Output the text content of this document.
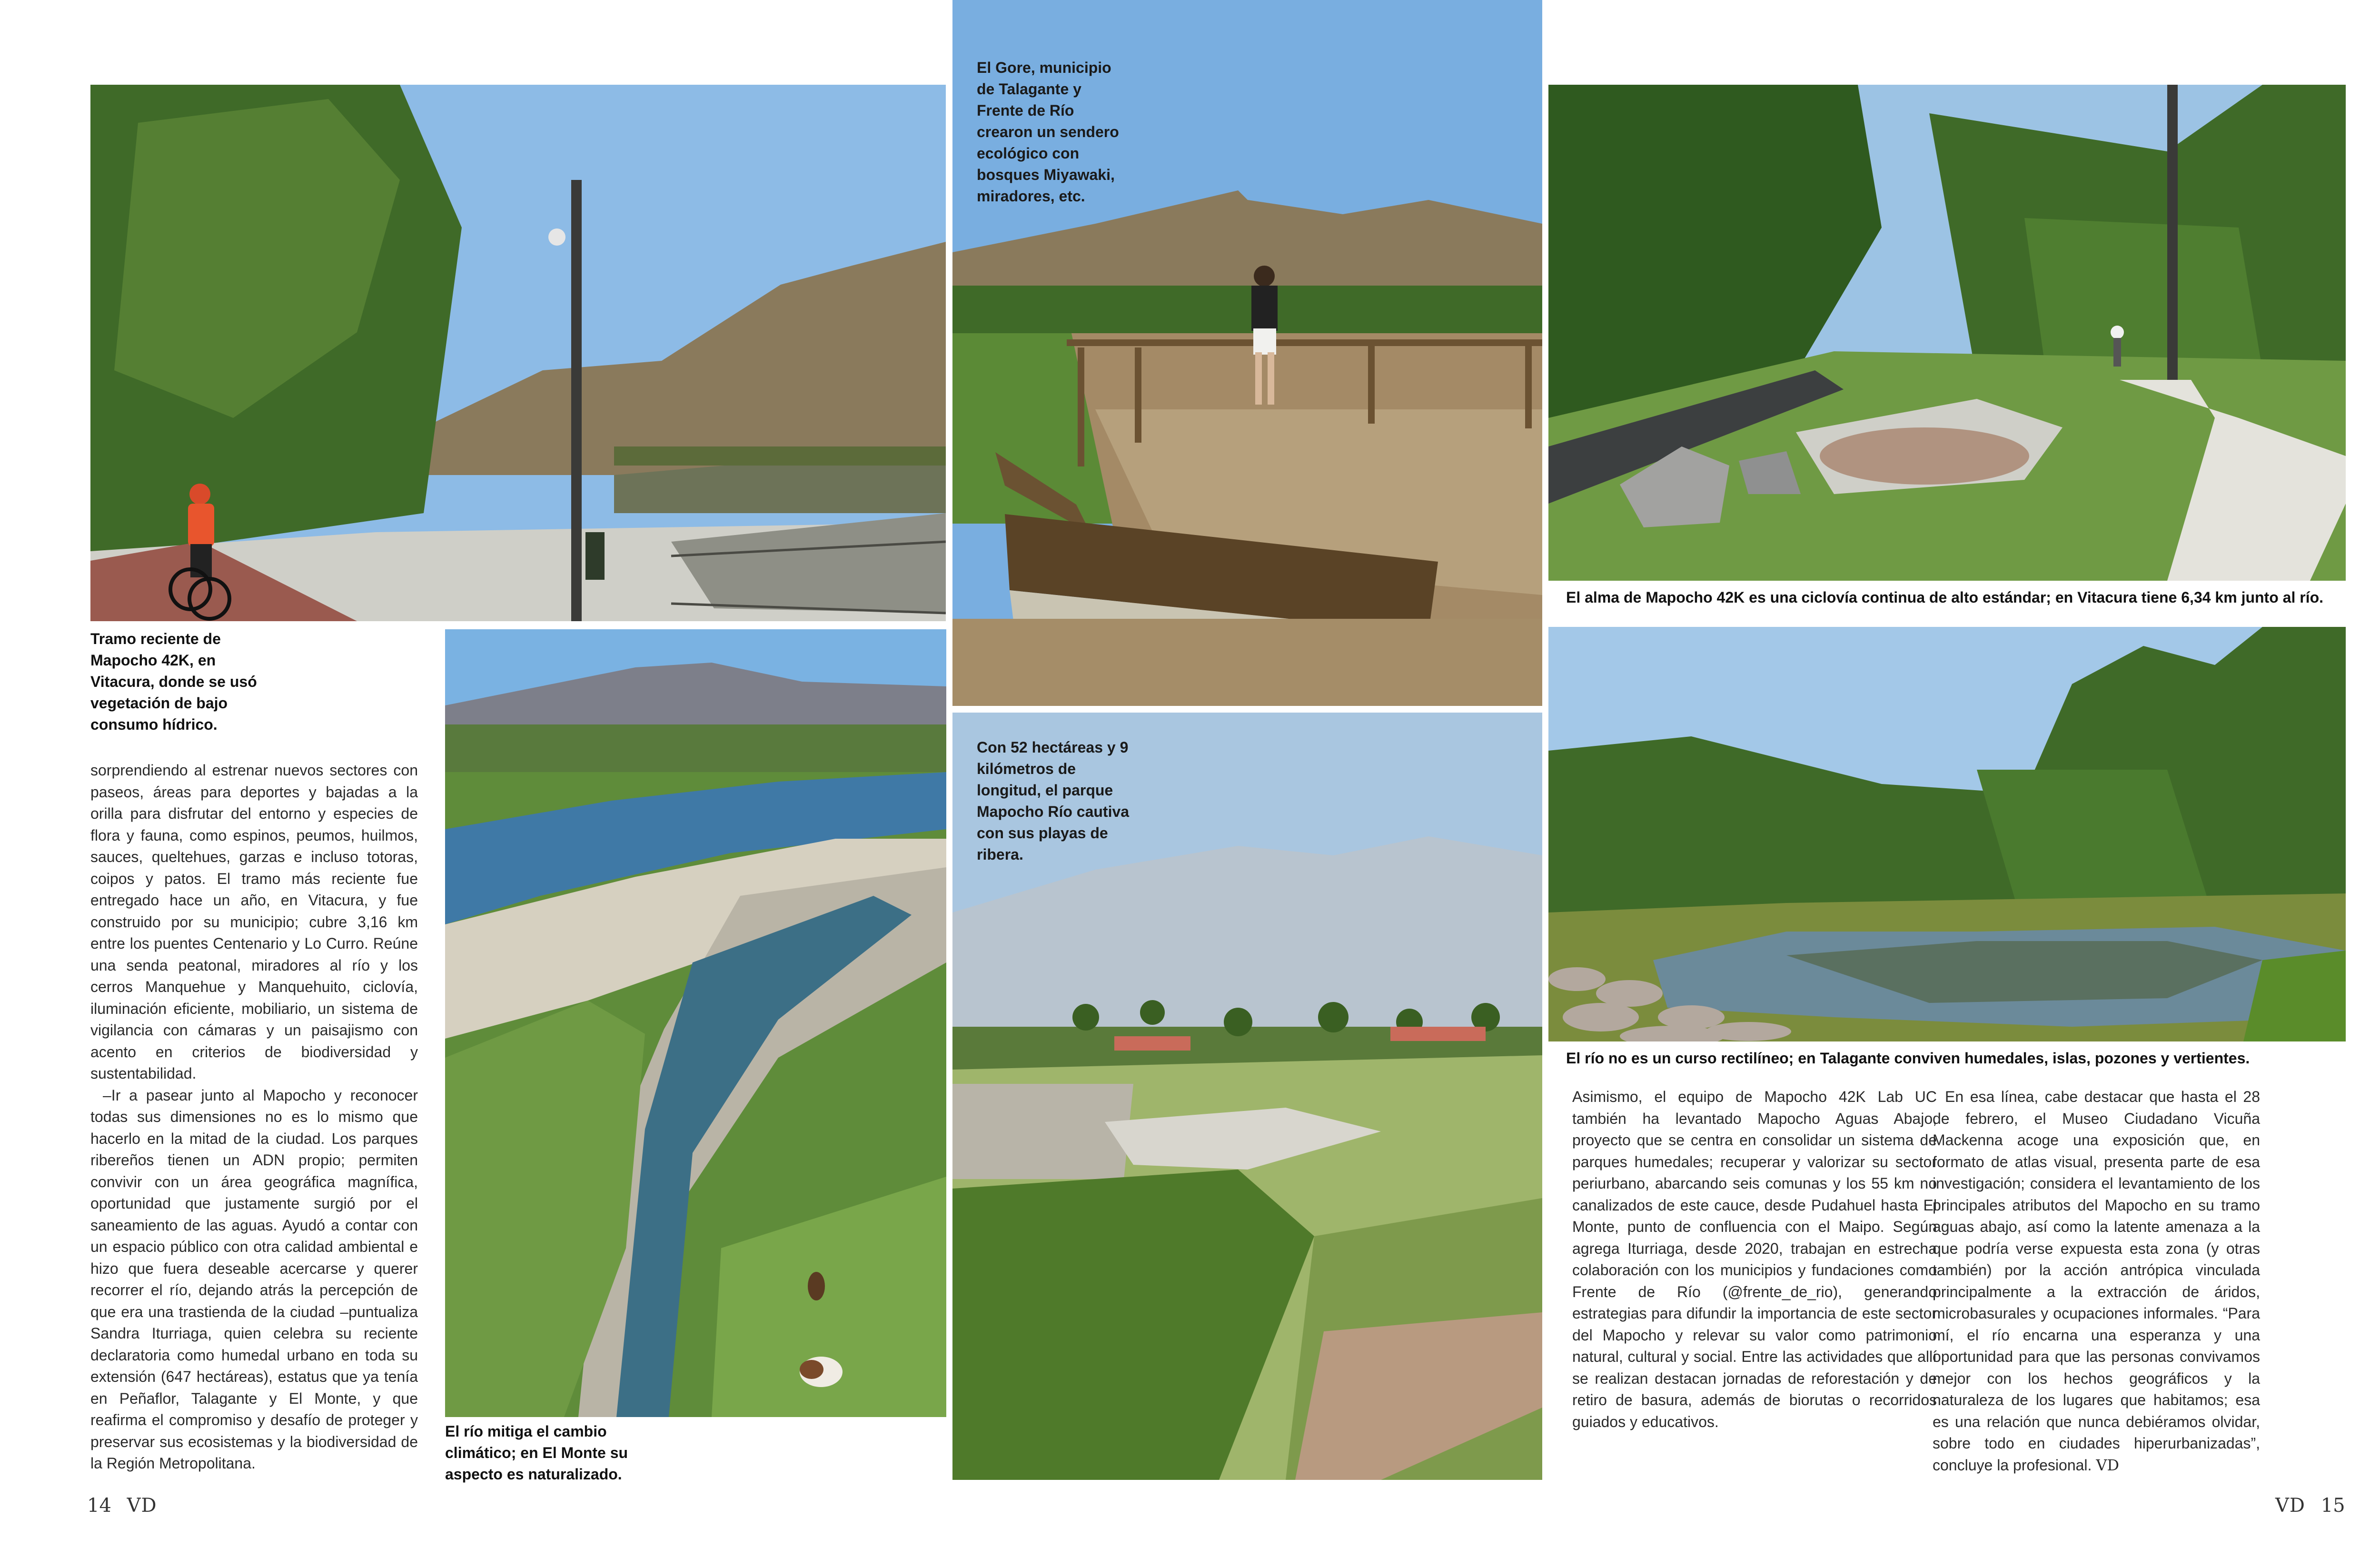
Tramo reciente de Mapocho 42K, en Vitacura, donde se usó vegetación de bajo consumo hídrico.
El Gore, municipio de Talagante y Frente de Río crearon un sendero ecológico con bosques Miyawaki, miradores, etc.
El alma de Mapocho 42K es una ciclovía continua de alto estándar; en Vitacura tiene 6,34 km junto al río.
El río mitiga el cambio climático; en El Monte su aspecto es naturalizado.
Con 52 hectáreas y 9 kilómetros de longitud, el parque Mapocho Río cautiva con sus playas de ribera.
El río no es un curso rectilíneo; en Talagante conviven humedales, islas, pozones y vertientes.

sorprendiendo al estrenar nuevos sectores con paseos, áreas para deportes y bajadas a la orilla para disfrutar del entorno y especies de flora y fauna, como espinos, peumos, huilmos, sauces, queltehues, garzas e incluso totoras, coipos y patos. El tramo más reciente fue entregado hace un año, en Vitacura, y fue construido por su municipio; cubre 3,16 km entre los puentes Centenario y Lo Curro. Reúne una senda peatonal, miradores al río y los cerros Manquehue y Manquehuito, ciclovía, iluminación eficiente, mobiliario, un sistema de vigilancia con cámaras y un paisajismo con acento en criterios de biodiversidad y sustentabilidad.

–Ir a pasear junto al Mapocho y reconocer todas sus dimensiones no es lo mismo que hacerlo en la mitad de la ciudad. Los parques ribereños tienen un ADN propio; permiten convivir con un área geográfica magnífica, oportunidad que justamente surgió por el saneamiento de las aguas. Ayudó a contar con un espacio público con otra calidad ambiental e hizo que fuera deseable acercarse y querer recorrer el río, dejando atrás la percepción de que era una trastienda de la ciudad –puntualiza Sandra Iturriaga, quien celebra su reciente declaratoria como humedal urbano en toda su extensión (647 hectáreas), estatus que ya tenía en Peñaflor, Talagante y El Monte, y que reafirma el compromiso y desafío de proteger y preservar sus ecosistemas y la biodiversidad de la Región Metropolitana.

Asimismo, el equipo de Mapocho 42K Lab UC también ha levantado Mapocho Aguas Abajo, proyecto que se centra en consolidar un sistema de parques humedales; recuperar y valorizar su sector periurbano, abarcando seis comunas y los 55 km no canalizados de este cauce, desde Pudahuel hasta El Monte, punto de confluencia con el Maipo. Según agrega Iturriaga, desde 2020, trabajan en estrecha colaboración con los municipios y fundaciones como Frente de Río (@frente_de_rio), generando estrategias para difundir la importancia de este sector del Mapocho y relevar su valor como patrimonio natural, cultural y social. Entre las actividades que allí se realizan destacan jornadas de reforestación y de retiro de basura, además de biorutas o recorridos guiados y educativos.

En esa línea, cabe destacar que hasta el 28 de febrero, el Museo Ciudadano Vicuña Mackenna acoge una exposición que, en formato de atlas visual, presenta parte de esa investigación; considera el levantamiento de los principales atributos del Mapocho en su tramo aguas abajo, así como la latente amenaza a la que podría verse expuesta esta zona (y otras también) por la acción antrópica vinculada principalmente a la extracción de áridos, microbasurales y ocupaciones informales. “Para mí, el río encarna una esperanza y una oportunidad para que las personas convivamos mejor con los hechos geográficos y la naturaleza de los lugares que habitamos; esa es una relación que nunca debiéramos olvidar, sobre todo en ciudades hiperurbanizadas”, concluye la profesional. VD

14 VD	VD 15
